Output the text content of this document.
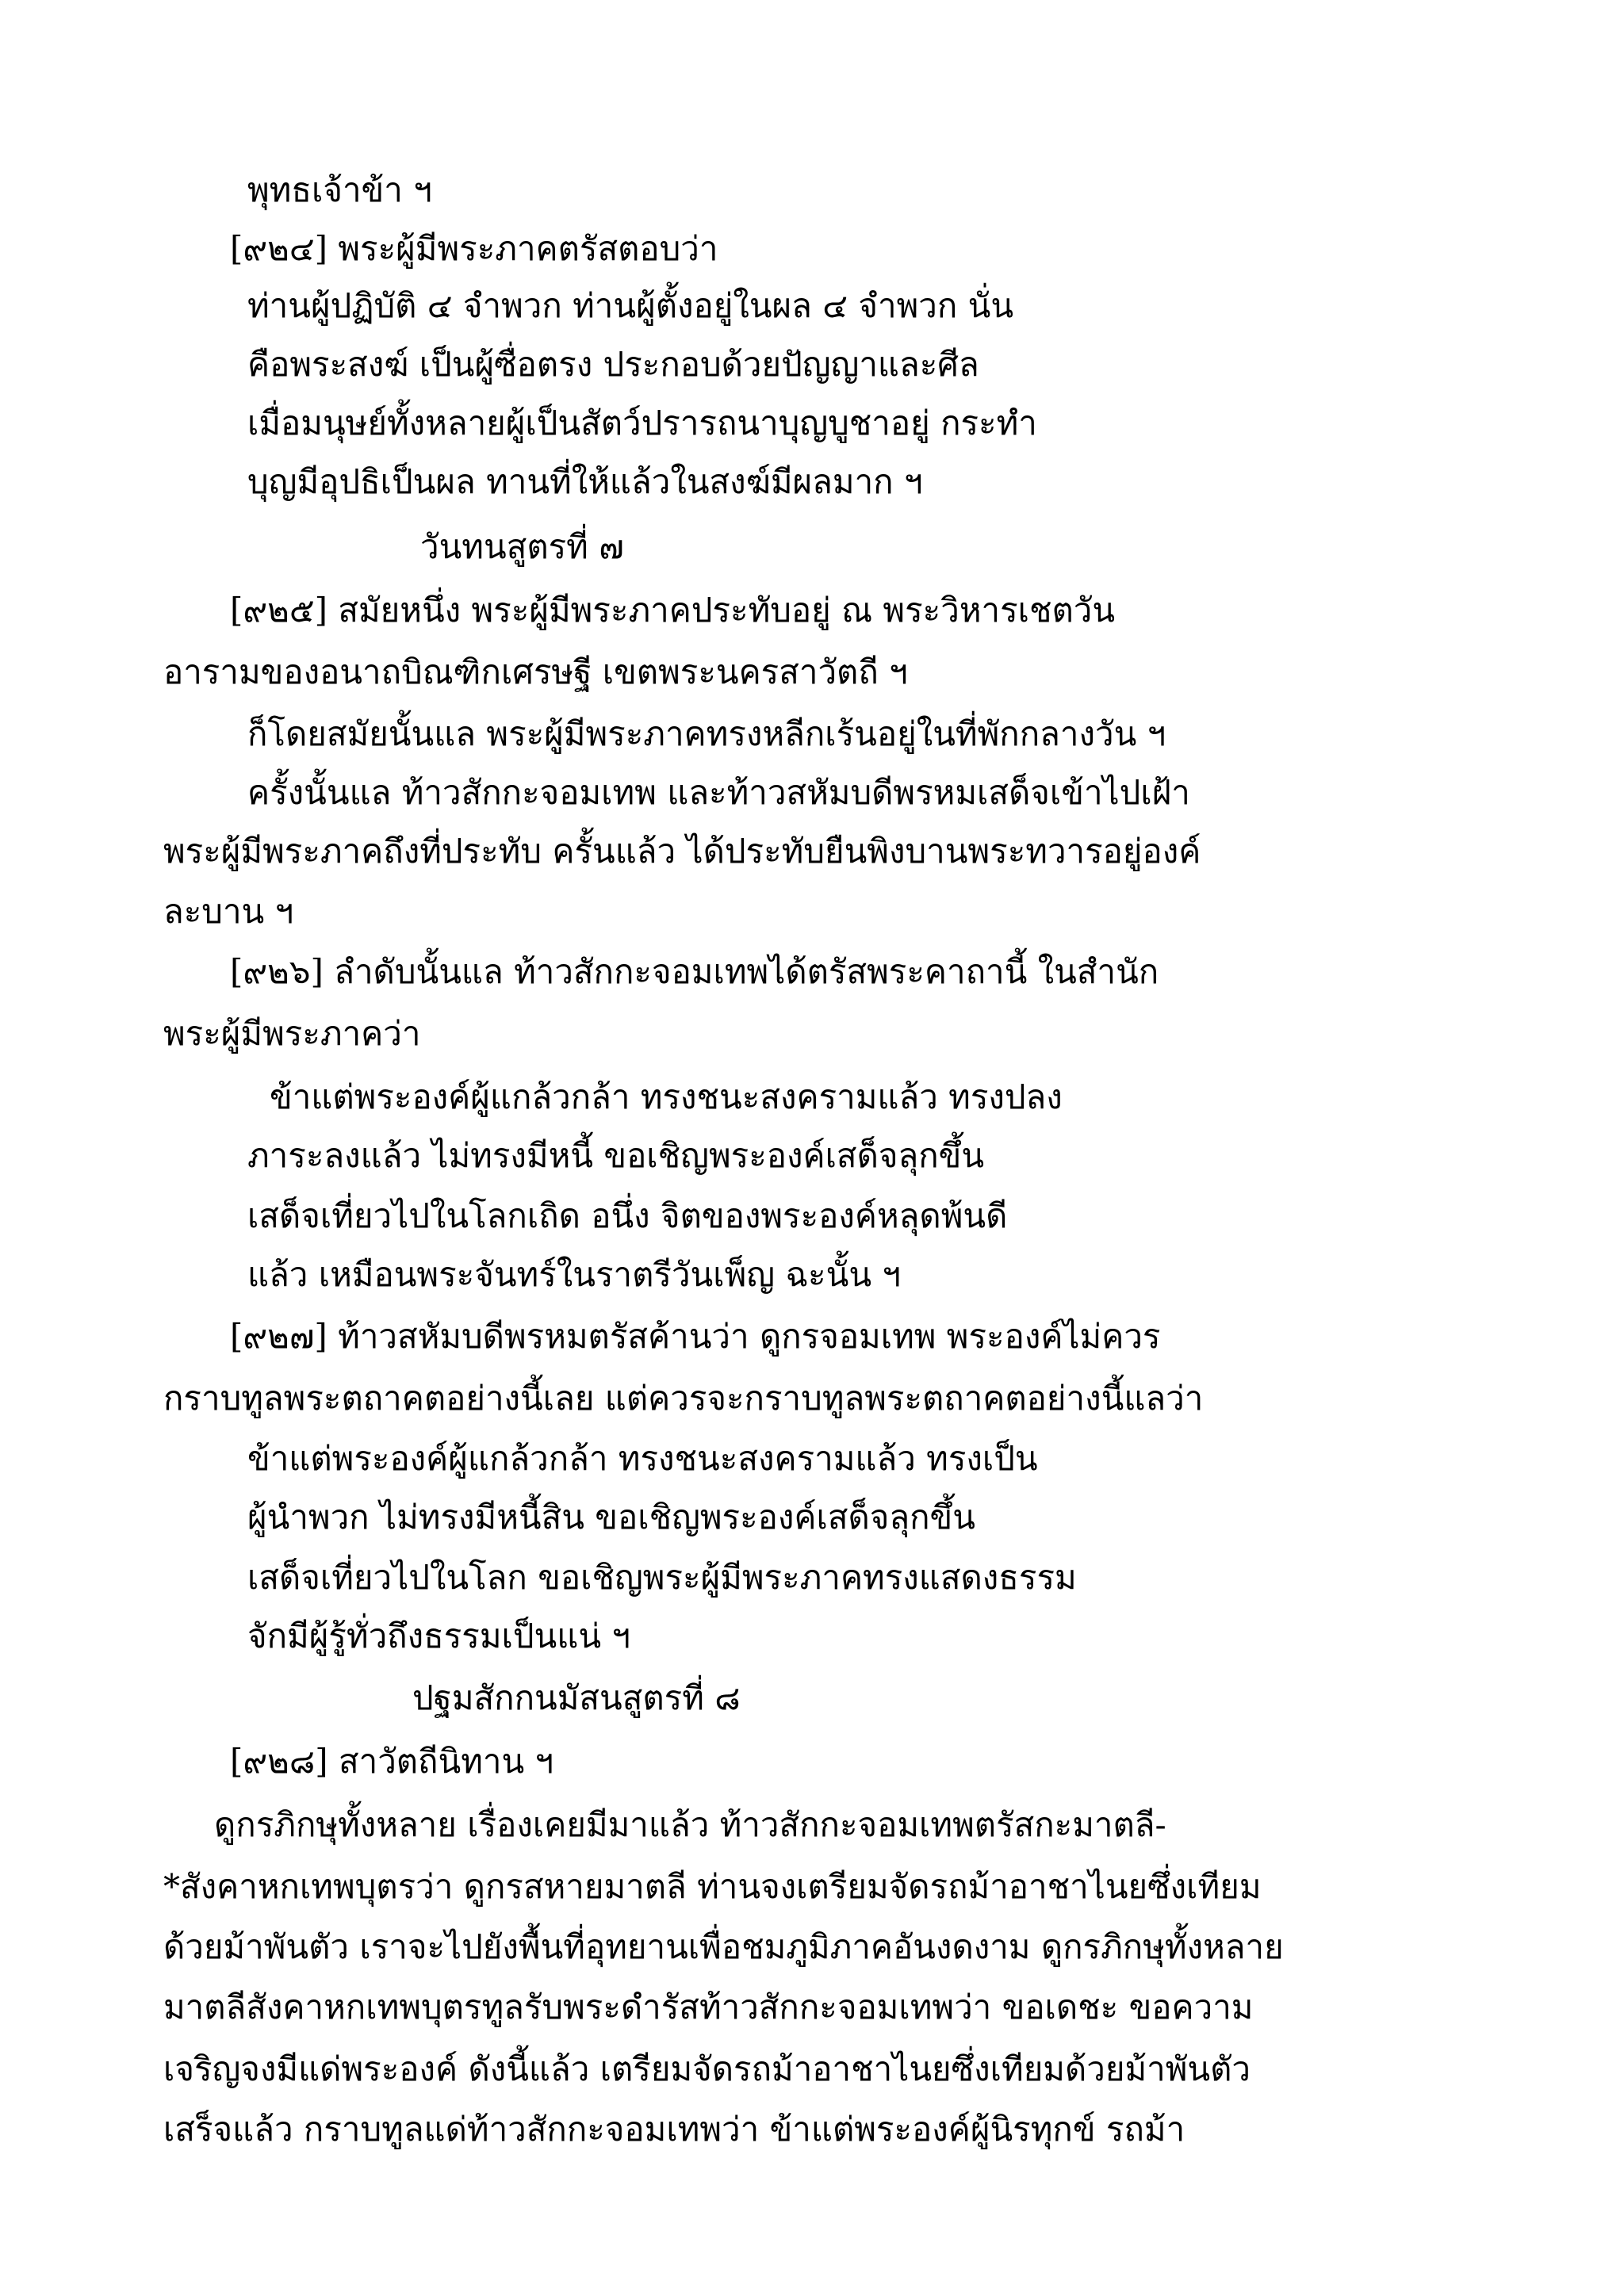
พุทธเจ้าข้า ฯ
[๙๒๔] พระผู้มีพระภาคตรัสตอบว่า
ท่านผู้ปฏิบัติ ๔ จำพวก ท่านผู้ตั้งอยู่ในผล ๔ จำพวก นั่น
คือพระสงฆ์ เป็นผู้ซื่อตรง ประกอบด้วยปัญญาและศีล
เมื่อมนุษย์ทั้งหลายผู้เป็นสัตว์ปรารถนาบุญบูชาอยู่ กระทำ
บุญมีอุปธิเป็นผล ทานที่ให้แล้วในสงฆ์มีผลมาก ฯ
วันทนสูตรที่ ๗
[๙๒๕] สมัยหนึ่ง พระผู้มีพระภาคประทับอยู่ ณ พระวิหารเชตวัน
อารามของอนาถบิณฑิกเศรษฐี เขตพระนครสาวัตถี ฯ
ก็โดยสมัยนั้นแล พระผู้มีพระภาคทรงหลีกเร้นอยู่ในที่พักกลางวัน ฯ
ครั้งนั้นแล ท้าวสักกะจอมเทพ และท้าวสหัมบดีพรหมเสด็จเข้าไปเฝ้า
พระผู้มีพระภาคถึงที่ประทับ ครั้นแล้ว ได้ประทับยืนพิงบานพระทวารอยู่องค์
ละบาน ฯ
[๙๒๖] ลำดับนั้นแล ท้าวสักกะจอมเทพได้ตรัสพระคาถานี้ ในสำนัก
พระผู้มีพระภาคว่า
ข้าแต่พระองค์ผู้แกล้วกล้า ทรงชนะสงครามแล้ว ทรงปลง
ภาระลงแล้ว ไม่ทรงมีหนี้ ขอเชิญพระองค์เสด็จลุกขึ้น
เสด็จเที่ยวไปในโลกเถิด อนึ่ง จิตของพระองค์หลุดพ้นดี
แล้ว เหมือนพระจันทร์ในราตรีวันเพ็ญ ฉะนั้น ฯ
[๙๒๗] ท้าวสหัมบดีพรหมตรัสค้านว่า ดูกรจอมเทพ พระองค์ไม่ควร
กราบทูลพระตถาคตอย่างนี้เลย แต่ควรจะกราบทูลพระตถาคตอย่างนี้แลว่า
ข้าแต่พระองค์ผู้แกล้วกล้า ทรงชนะสงครามแล้ว ทรงเป็น
ผู้นำพวก ไม่ทรงมีหนี้สิน ขอเชิญพระองค์เสด็จลุกขึ้น
เสด็จเที่ยวไปในโลก ขอเชิญพระผู้มีพระภาคทรงแสดงธรรม
จักมีผู้รู้ทั่วถึงธรรมเป็นแน่ ฯ
ปฐมสักกนมัสนสูตรที่ ๘
[๙๒๘] สาวัตถีนิทาน ฯ
ดูกรภิกษุทั้งหลาย เรื่องเคยมีมาแล้ว ท้าวสักกะจอมเทพตรัสกะมาตลี-
*สังคาหกเทพบุตรว่า ดูกรสหายมาตลี ท่านจงเตรียมจัดรถม้าอาชาไนยซึ่งเทียม
ด้วยม้าพันตัว เราจะไปยังพื้นที่อุทยานเพื่อชมภูมิภาคอันงดงาม ดูกรภิกษุทั้งหลาย
มาตลีสังคาหกเทพบุตรทูลรับพระดำรัสท้าวสักกะจอมเทพว่า ขอเดชะ ขอความ
เจริญจงมีแด่พระองค์ ดังนี้แล้ว เตรียมจัดรถม้าอาชาไนยซึ่งเทียมด้วยม้าพันตัว
เสร็จแล้ว กราบทูลแด่ท้าวสักกะจอมเทพว่า ข้าแต่พระองค์ผู้นิรทุกข์ รถม้า
